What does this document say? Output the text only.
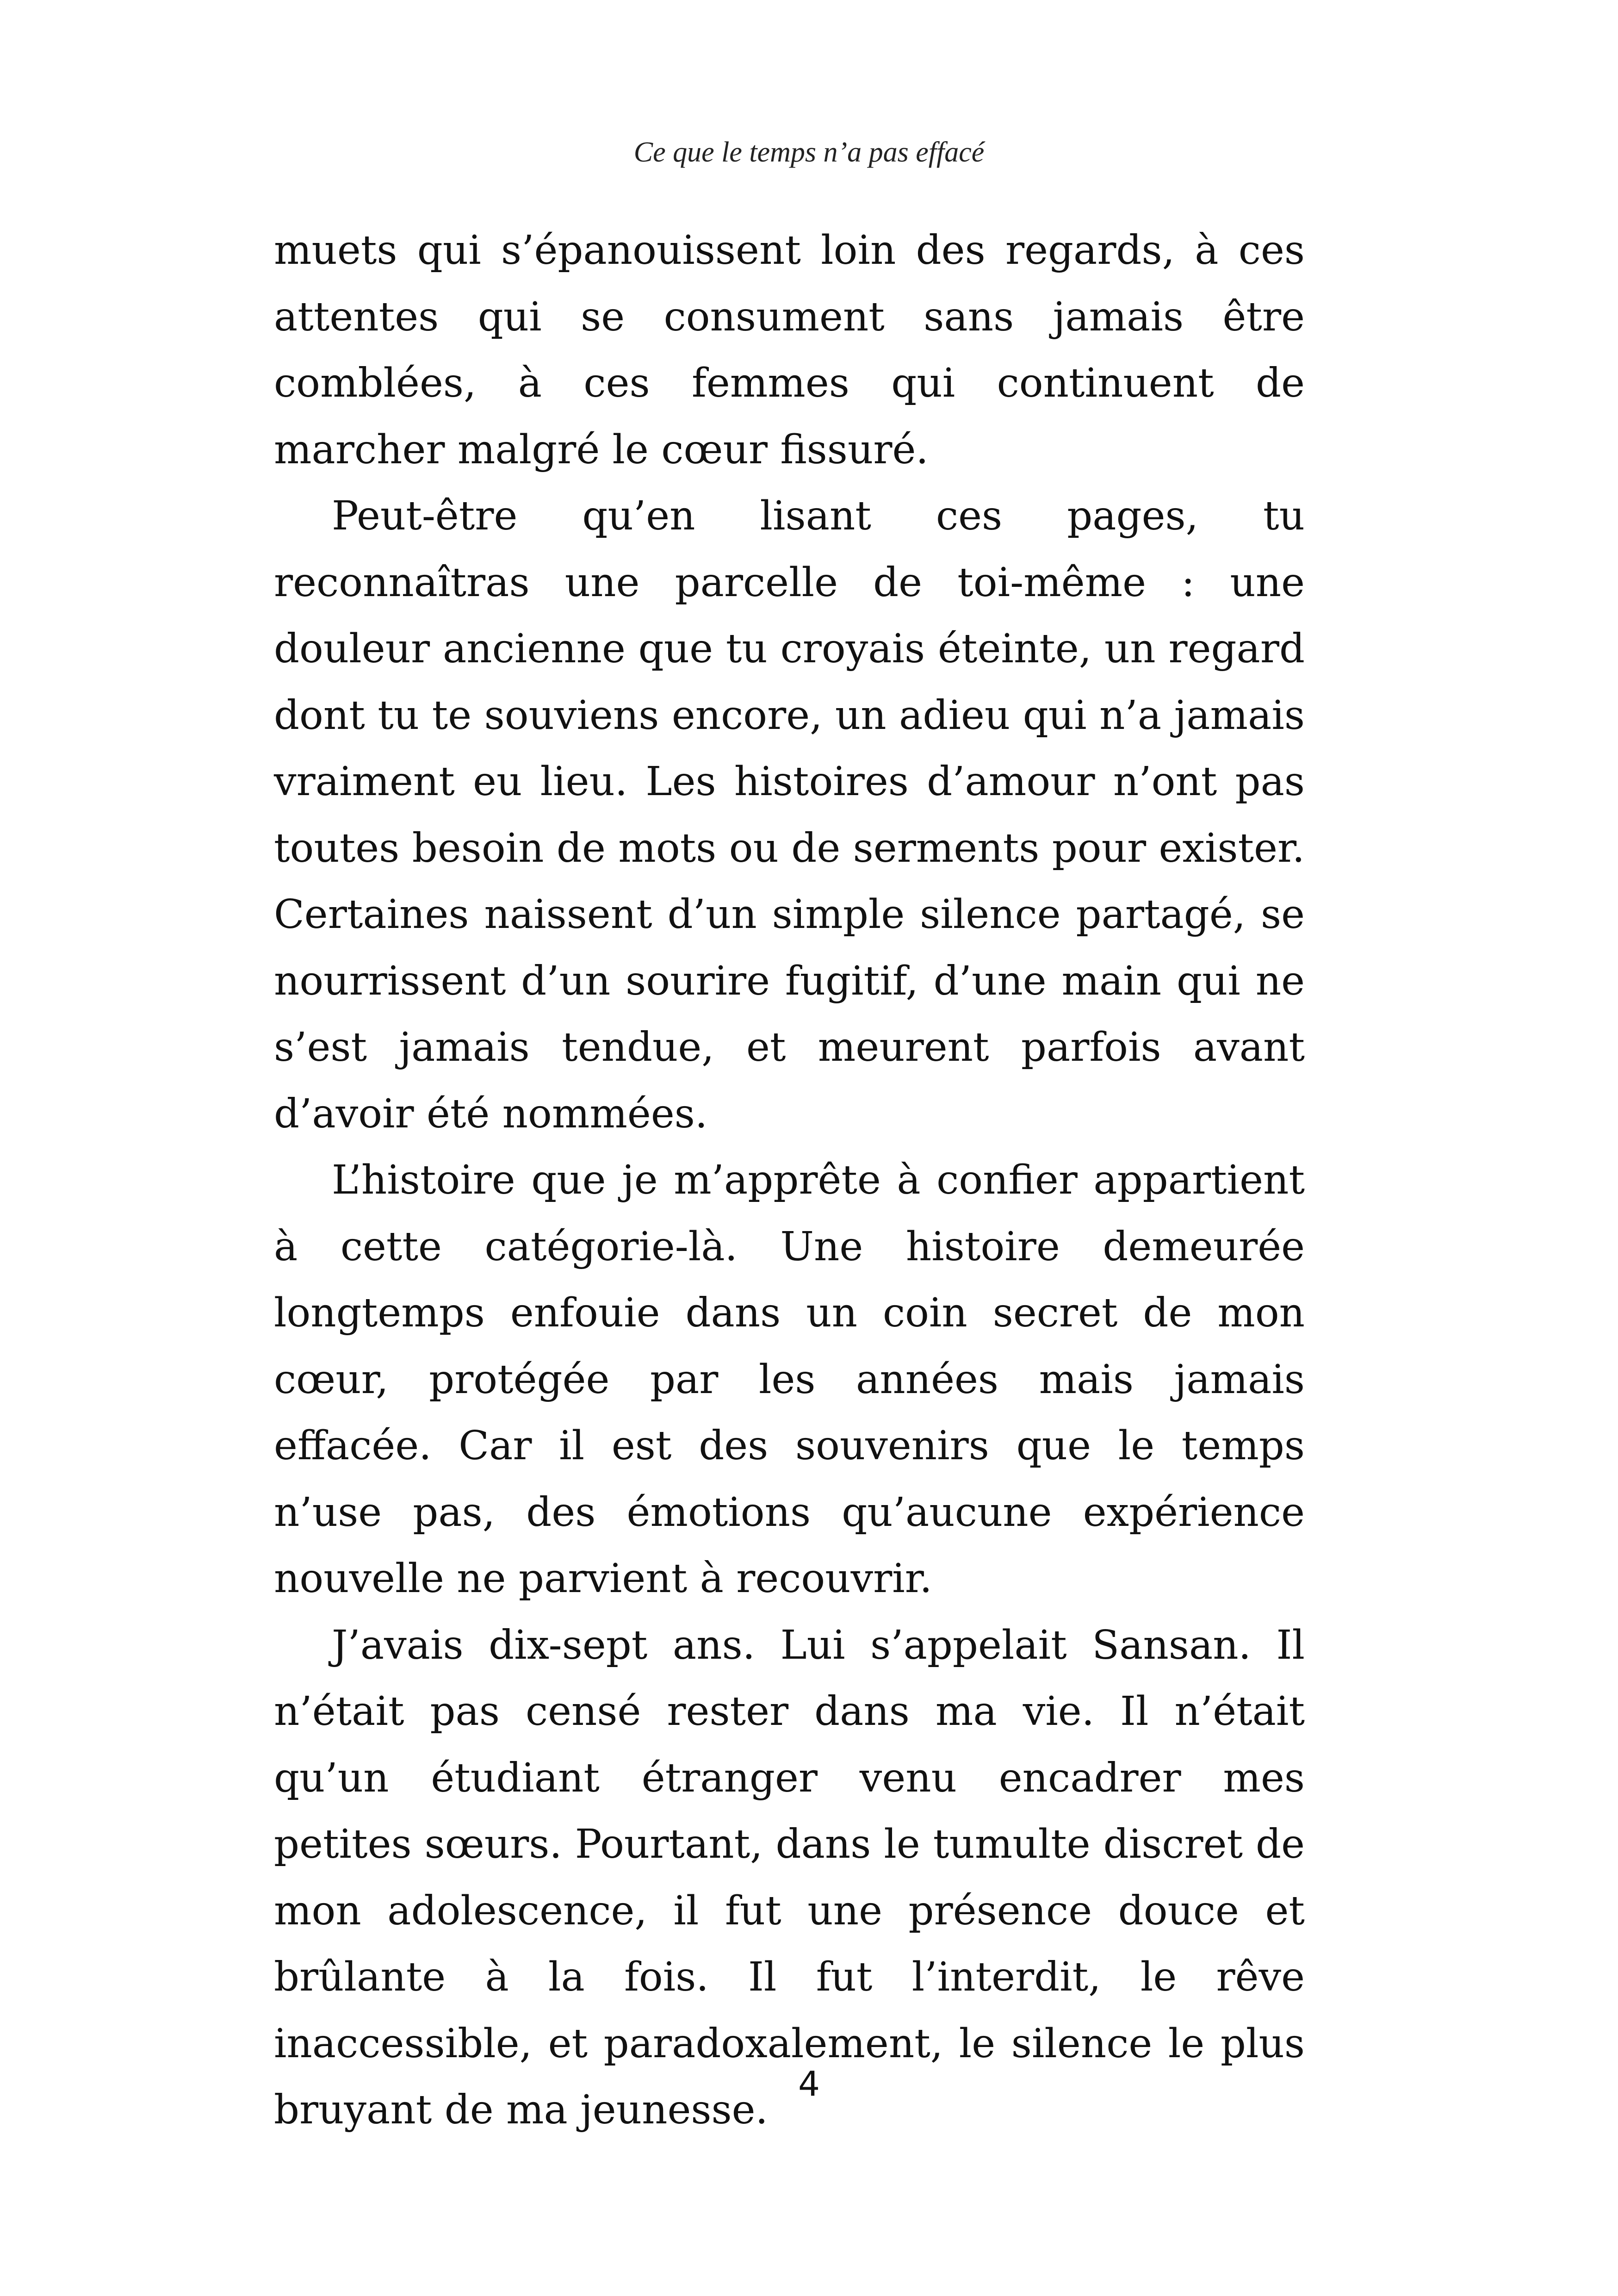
Ce que le temps n’a pas effacé

muets qui s’épanouissent loin des regards, à ces attentes qui se consument sans jamais être comblées, à ces femmes qui continuent de marcher malgré le cœur fissuré.

Peut-être qu’en lisant ces pages, tu reconnaîtras une parcelle de toi-même : une douleur ancienne que tu croyais éteinte, un regard dont tu te souviens encore, un adieu qui n’a jamais vraiment eu lieu. Les histoires d’amour n’ont pas toutes besoin de mots ou de serments pour exister. Certaines naissent d’un simple silence partagé, se nourrissent d’un sourire fugitif, d’une main qui ne s’est jamais tendue, et meurent parfois avant d’avoir été nommées.

L’histoire que je m’apprête à confier appartient à cette catégorie-là. Une histoire demeurée longtemps enfouie dans un coin secret de mon cœur, protégée par les années mais jamais effacée. Car il est des souvenirs que le temps n’use pas, des émotions qu’aucune expérience nouvelle ne parvient à recouvrir.

J’avais dix-sept ans. Lui s’appelait Sansan. Il n’était pas censé rester dans ma vie. Il n’était qu’un étudiant étranger venu encadrer mes petites sœurs. Pourtant, dans le tumulte discret de mon adolescence, il fut une présence douce et brûlante à la fois. Il fut l’interdit, le rêve inaccessible, et paradoxalement, le silence le plus bruyant de ma jeunesse.

4
